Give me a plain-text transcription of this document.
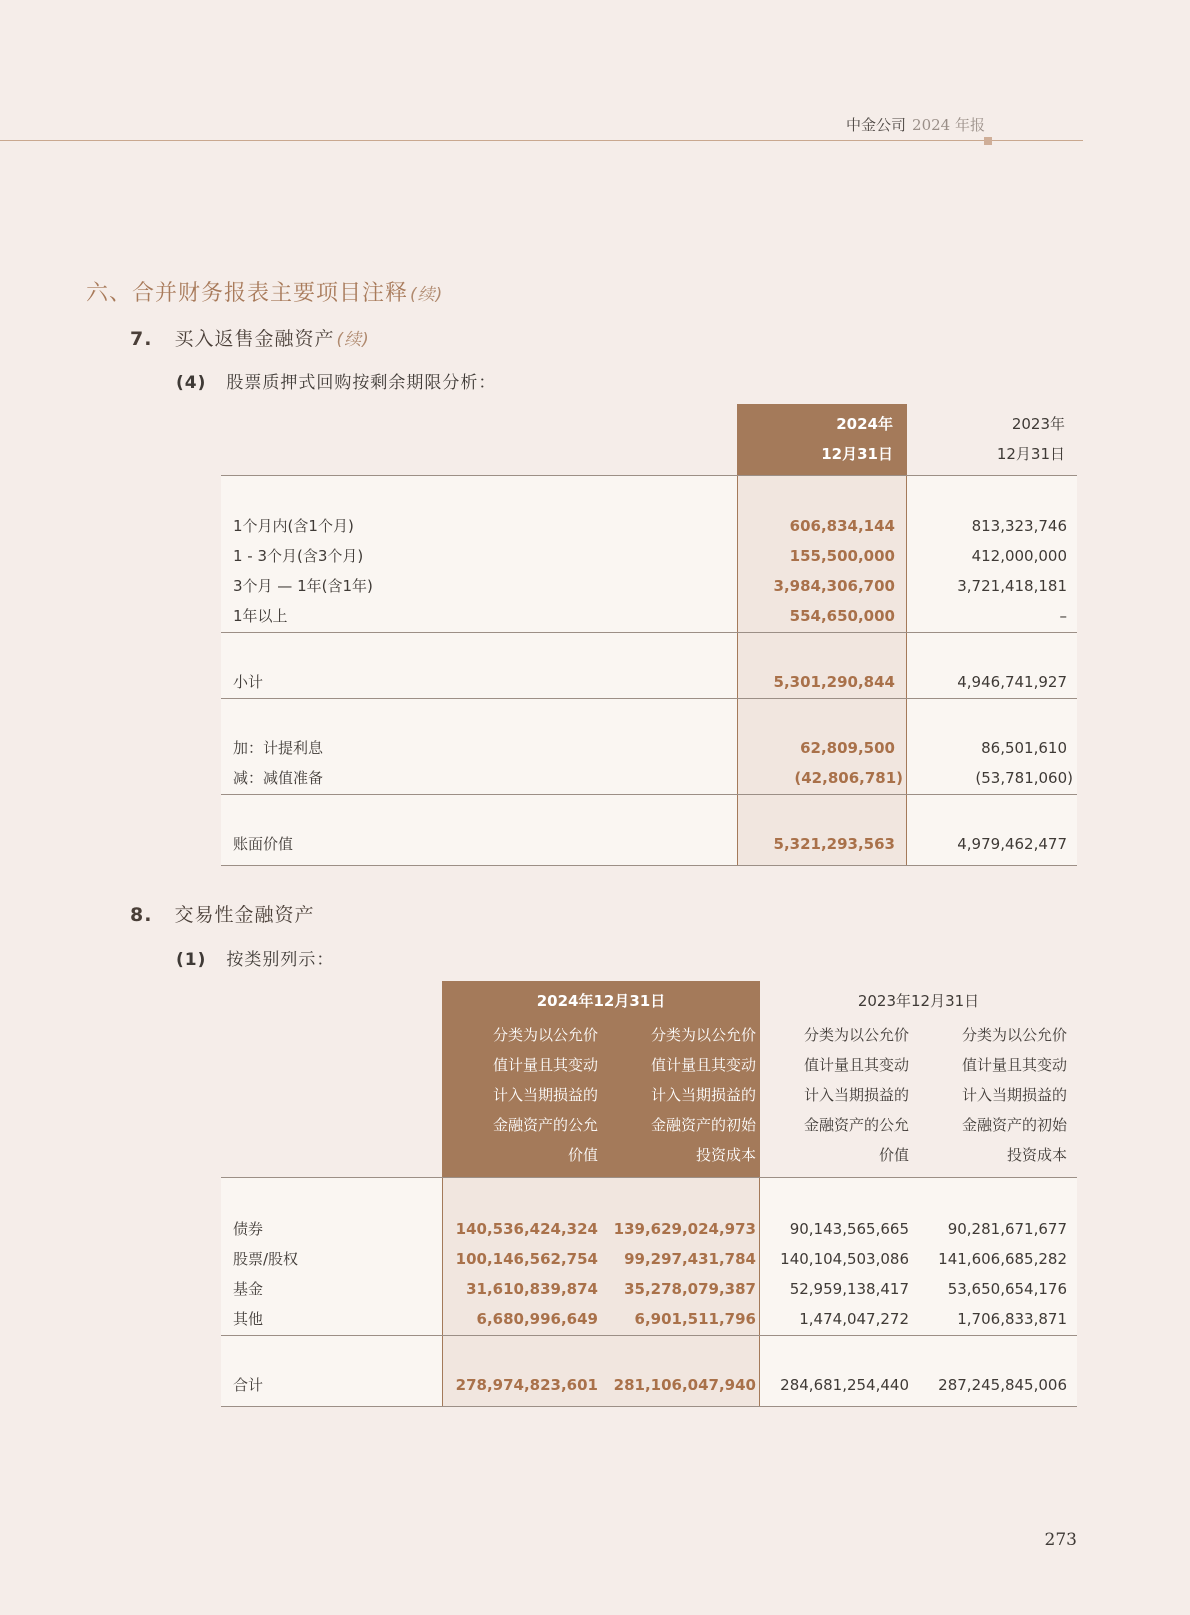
中金公司 2024 年报
六、合并财务报表主要项目注释 (续)
7. 买入返售金融资产 (续)
(4) 股票质押式回购按剩余期限分析：
2024年
12月31日
2023年
12月31日
1个月内(含1个月)	606,834,144	813,323,746
1 - 3个月(含3个月)	155,500,000	412,000,000
3个月 — 1年(含1年)	3,984,306,700	3,721,418,181
1年以上	554,650,000	–
小计	5,301,290,844	4,946,741,927
加：计提利息	62,809,500	86,501,610
减：减值准备	(42,806,781)	(53,781,060)
账面价值	5,321,293,563	4,979,462,477
8. 交易性金融资产
(1) 按类别列示：
2024年12月31日	2023年12月31日
分类为以公允价
值计量且其变动
计入当期损益的
金融资产的公允
价值
分类为以公允价
值计量且其变动
计入当期损益的
金融资产的初始
投资成本
分类为以公允价
值计量且其变动
计入当期损益的
金融资产的公允
价值
分类为以公允价
值计量且其变动
计入当期损益的
金融资产的初始
投资成本
债券	140,536,424,324 139,629,024,973 90,143,565,665	90,281,671,677
股票/股权	100,146,562,754 99,297,431,784 140,104,503,086 141,606,685,282
基金	31,610,839,874 35,278,079,387 52,959,138,417	53,650,654,176
其他	6,680,996,649 6,901,511,796	1,474,047,272	1,706,833,871
合计	278,974,823,601 281,106,047,940 284,681,254,440 287,245,845,006
273
